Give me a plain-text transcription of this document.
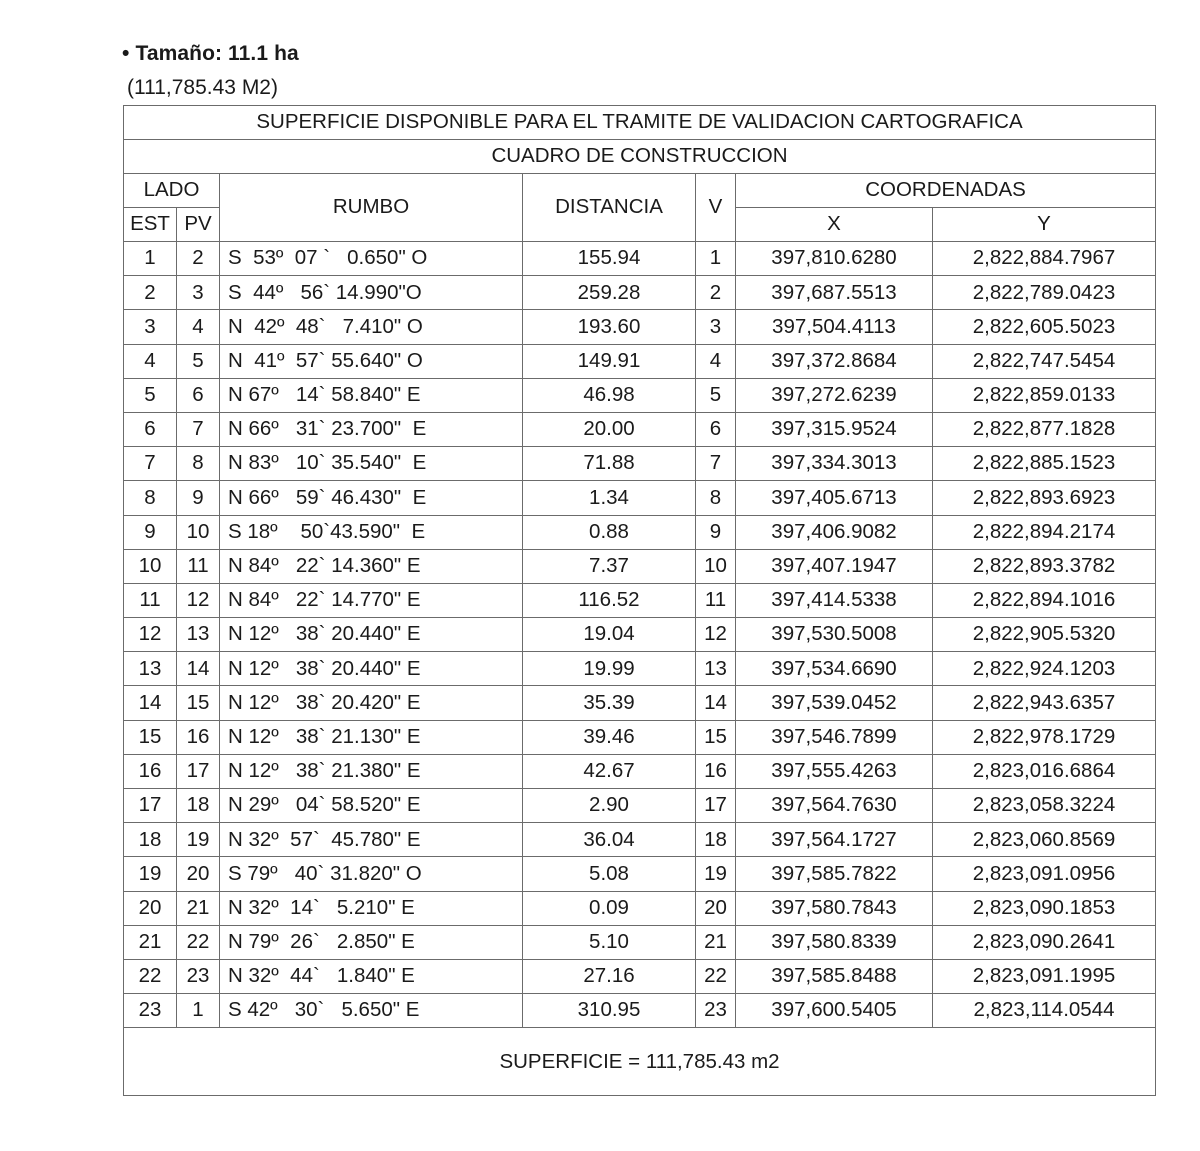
• Tamaño: 11.1 ha
(111,785.43 M2)
SUPERFICIE DISPONIBLE PARA EL TRAMITE DE VALIDACION CARTOGRAFICA						
CUADRO DE CONSTRUCCION						
LADO		RUMBO	DISTANCIA	V	COORDENADAS	
EST	PV				X	Y
1	2	S  53º  07 `   0.650" O	155.94	1	397,810.6280	2,822,884.7967
2	3	S  44º   56` 14.990"O	259.28	2	397,687.5513	2,822,789.0423
3	4	N  42º  48`   7.410" O	193.60	3	397,504.4113	2,822,605.5023
4	5	N  41º  57` 55.640" O	149.91	4	397,372.8684	2,822,747.5454
5	6	N 67º   14` 58.840" E	46.98	5	397,272.6239	2,822,859.0133
6	7	N 66º   31` 23.700"  E	20.00	6	397,315.9524	2,822,877.1828
7	8	N 83º   10` 35.540"  E	71.88	7	397,334.3013	2,822,885.1523
8	9	N 66º   59` 46.430"  E	1.34	8	397,405.6713	2,822,893.6923
9	10	S 18º    50`43.590"  E	0.88	9	397,406.9082	2,822,894.2174
10	11	N 84º   22` 14.360" E	7.37	10	397,407.1947	2,822,893.3782
11	12	N 84º   22` 14.770" E	116.52	11	397,414.5338	2,822,894.1016
12	13	N 12º   38` 20.440" E	19.04	12	397,530.5008	2,822,905.5320
13	14	N 12º   38` 20.440" E	19.99	13	397,534.6690	2,822,924.1203
14	15	N 12º   38` 20.420" E	35.39	14	397,539.0452	2,822,943.6357
15	16	N 12º   38` 21.130" E	39.46	15	397,546.7899	2,822,978.1729
16	17	N 12º   38` 21.380" E	42.67	16	397,555.4263	2,823,016.6864
17	18	N 29º   04` 58.520" E	2.90	17	397,564.7630	2,823,058.3224
18	19	N 32º  57`  45.780" E	36.04	18	397,564.1727	2,823,060.8569
19	20	S 79º   40` 31.820" O	5.08	19	397,585.7822	2,823,091.0956
20	21	N 32º  14`   5.210" E	0.09	20	397,580.7843	2,823,090.1853
21	22	N 79º  26`   2.850" E	5.10	21	397,580.8339	2,823,090.2641
22	23	N 32º  44`   1.840" E	27.16	22	397,585.8488	2,823,091.1995
23	1	S 42º   30`   5.650" E	310.95	23	397,600.5405	2,823,114.0544
SUPERFICIE = 111,785.43 m2						
